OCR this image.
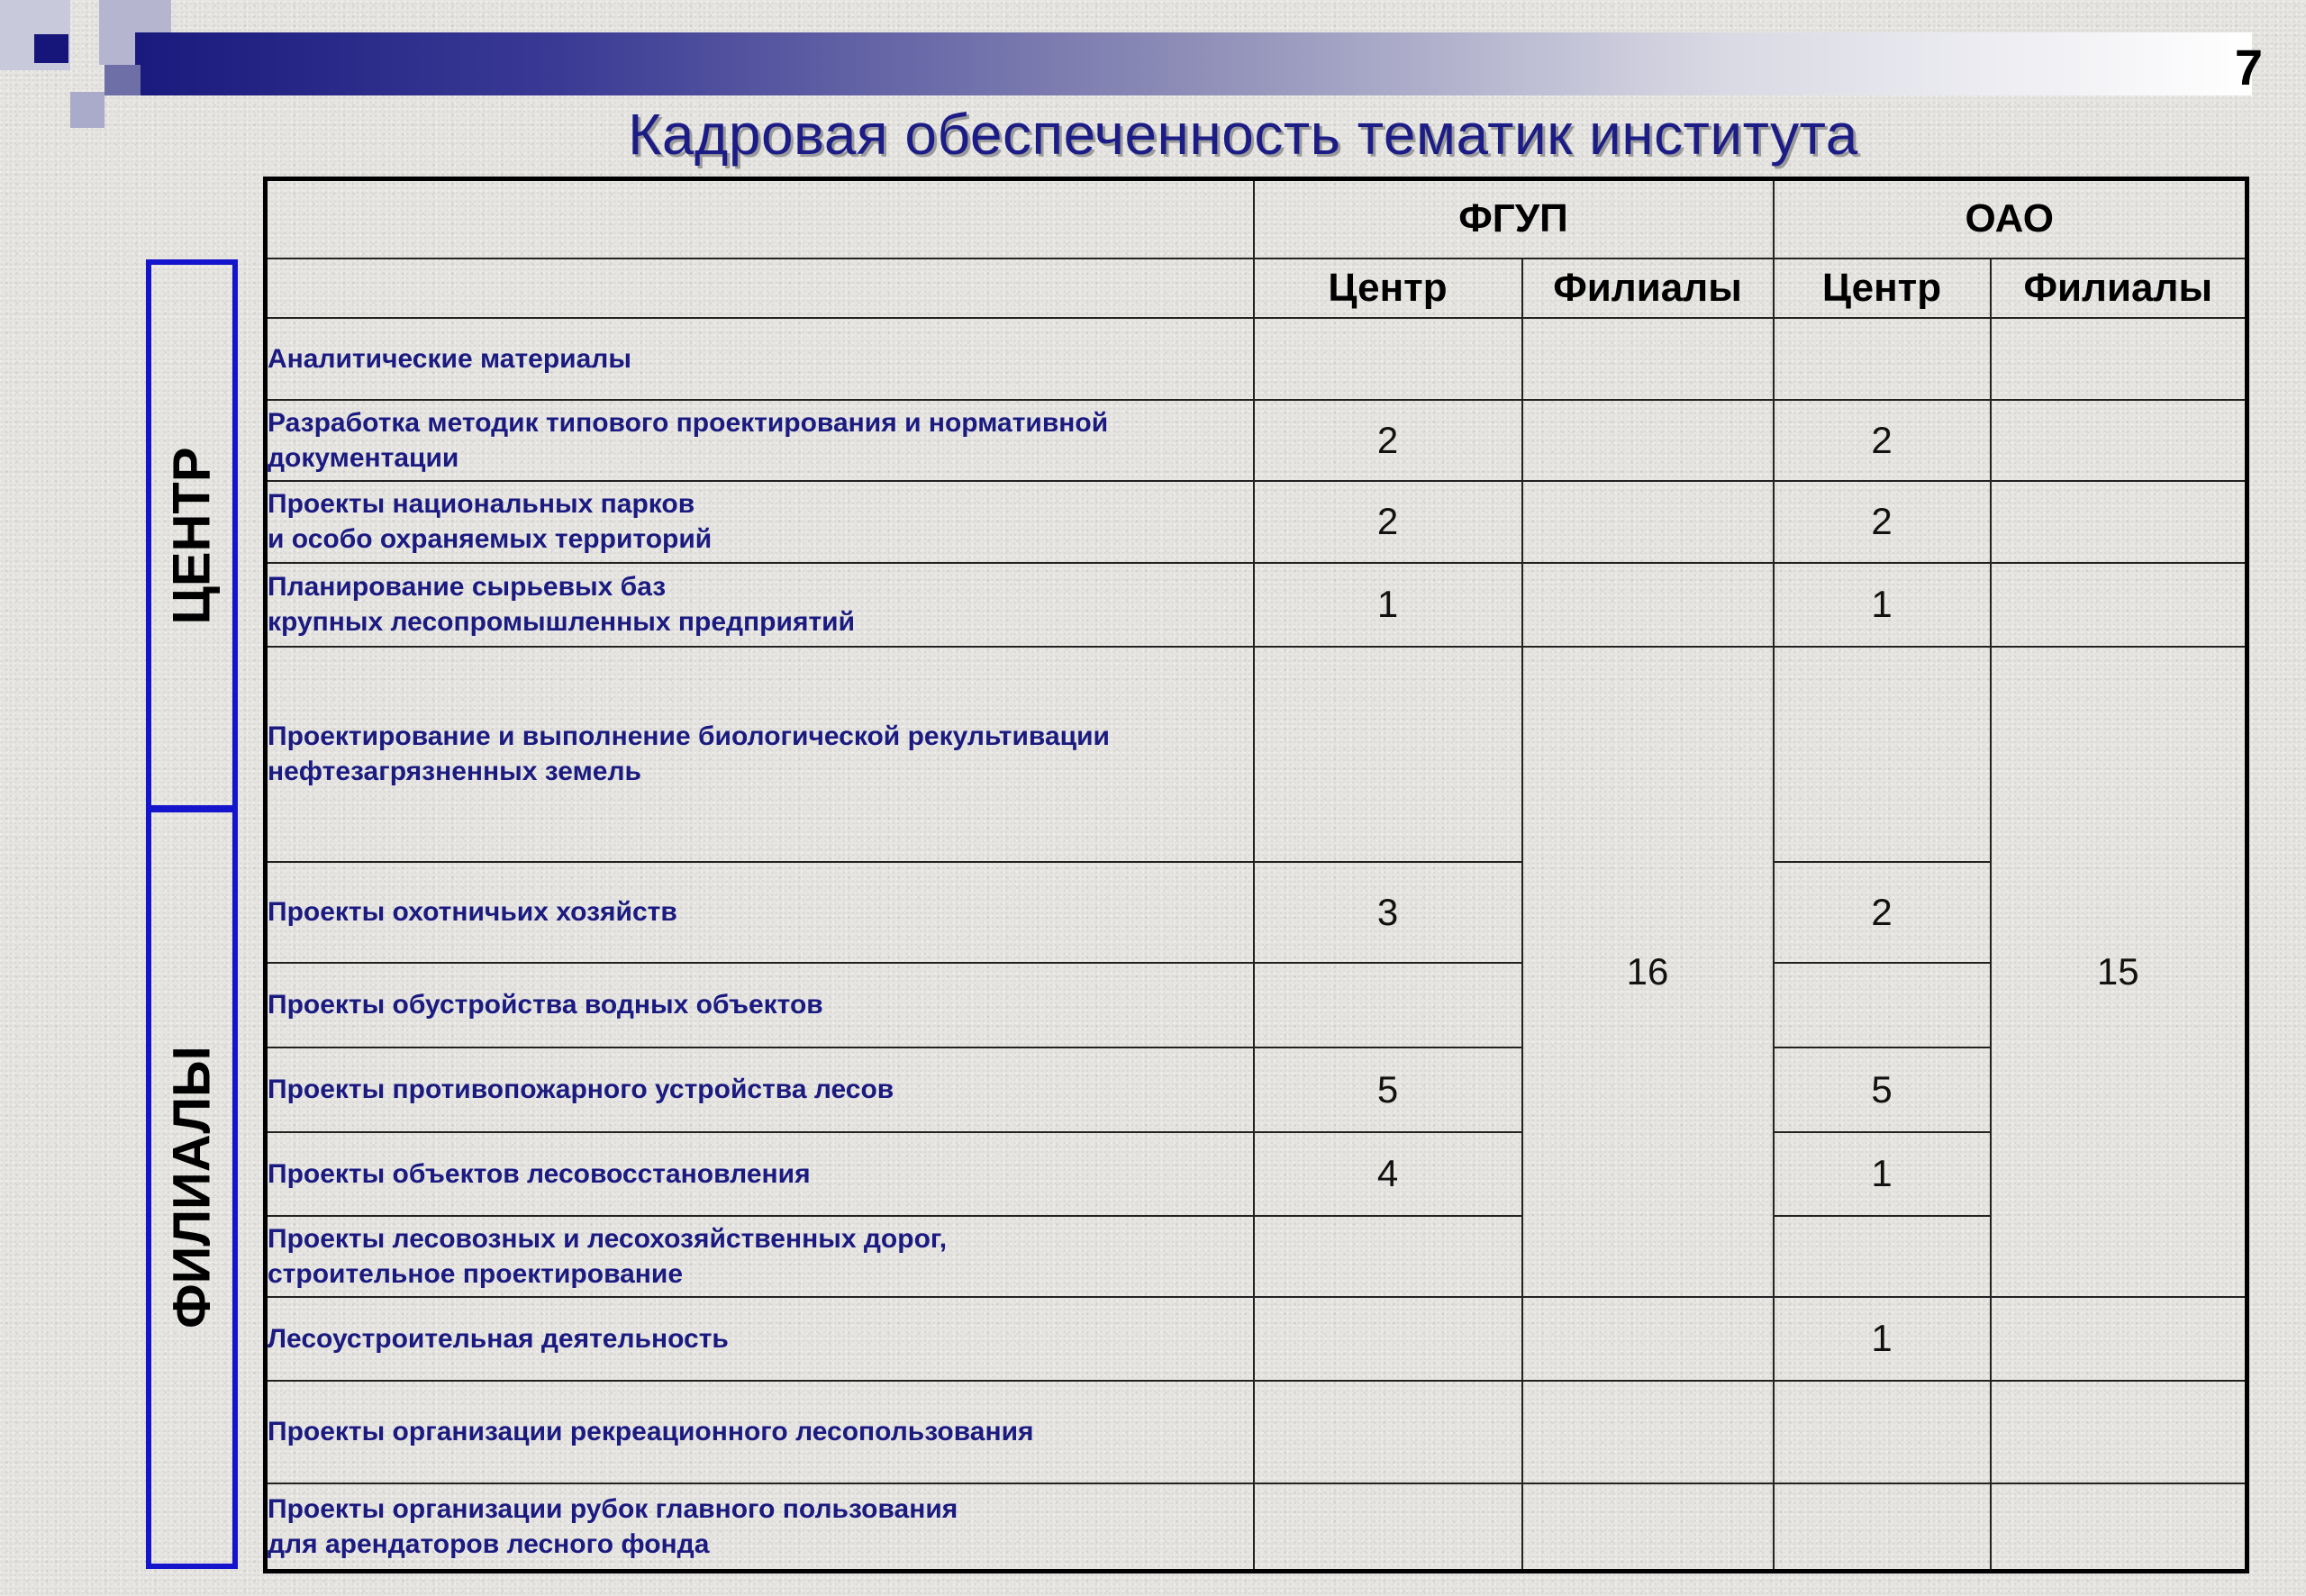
7
Кадровая обеспеченность тематик института
ЦЕНТР
ФИЛИАЛЫ
	ФГУП		ОАО	
	Центр	Филиалы	Центр	Филиалы
Аналитические материалы				
Разработка методик типового проектирования и нормативной
документации	2		2	
Проекты национальных парков
и особо охраняемых территорий	2		2	
Планирование сырьевых баз
крупных лесопромышленных предприятий	1		1	
Проектирование и выполнение биологической рекультивации
нефтезагрязненных земель		16		15
Проекты охотничьих хозяйств	3		2	
Проекты обустройства водных объектов				
Проекты противопожарного устройства лесов	5		5	
Проекты объектов лесовосстановления	4		1	
Проекты лесовозных и лесохозяйственных дорог,
строительное проектирование				
Лесоустроительная деятельность			1	
Проекты организации рекреационного лесопользования				
Проекты организации рубок главного пользования
для арендаторов лесного фонда				
